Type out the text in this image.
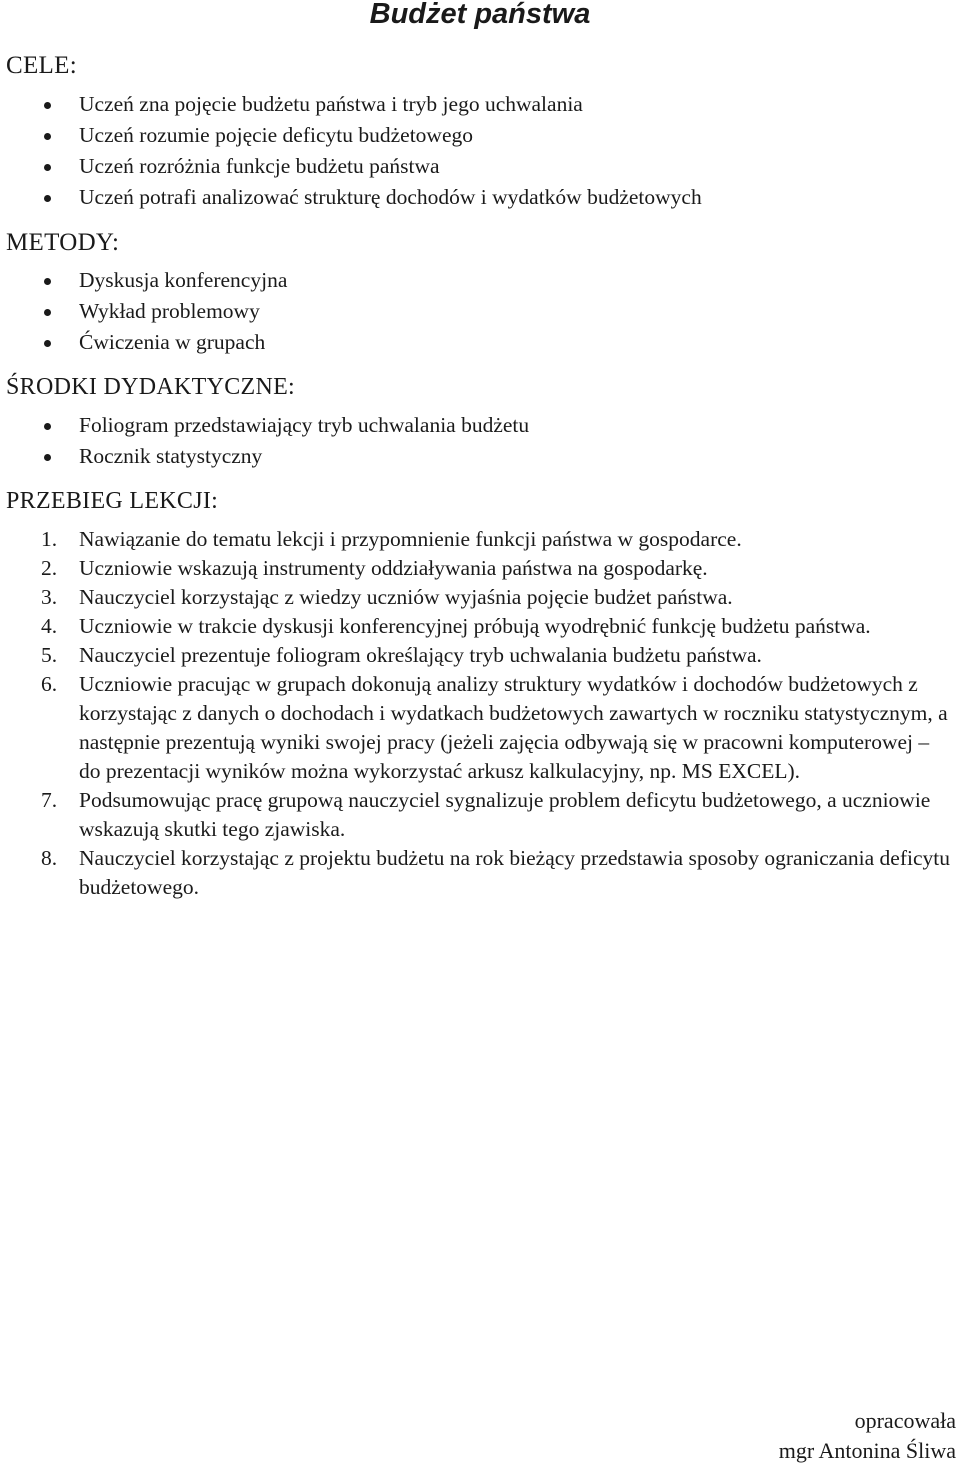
Budżet państwa
CELE:
Uczeń zna pojęcie budżetu państwa i tryb jego uchwalania
Uczeń rozumie pojęcie deficytu budżetowego
Uczeń rozróżnia funkcje budżetu państwa
Uczeń potrafi analizować strukturę dochodów i wydatków budżetowych
METODY:
Dyskusja konferencyjna
Wykład problemowy
Ćwiczenia w grupach
ŚRODKI DYDAKTYCZNE:
Foliogram przedstawiający tryb uchwalania budżetu
Rocznik statystyczny
PRZEBIEG LEKCJI:
1. Nawiązanie do tematu lekcji i przypomnienie funkcji państwa w gospodarce.
2. Uczniowie wskazują instrumenty oddziaływania państwa na gospodarkę.
3. Nauczyciel korzystając z wiedzy uczniów wyjaśnia pojęcie budżet państwa.
4. Uczniowie w trakcie dyskusji konferencyjnej próbują wyodrębnić funkcję budżetu państwa.
5. Nauczyciel prezentuje foliogram określający tryb uchwalania budżetu państwa.
6. Uczniowie pracując w grupach dokonują analizy struktury wydatków i dochodów budżetowych z korzystając z danych o dochodach i wydatkach budżetowych zawartych w roczniku statystycznym, a następnie prezentują wyniki swojej pracy (jeżeli zajęcia odbywają się w pracowni komputerowej – do prezentacji wyników można wykorzystać arkusz kalkulacyjny, np. MS EXCEL).
7. Podsumowując pracę grupową nauczyciel sygnalizuje problem deficytu budżetowego, a uczniowie wskazują skutki tego zjawiska.
8. Nauczyciel korzystając z projektu budżetu na rok bieżący przedstawia sposoby ograniczania deficytu budżetowego.
opracowała
mgr Antonina Śliwa
